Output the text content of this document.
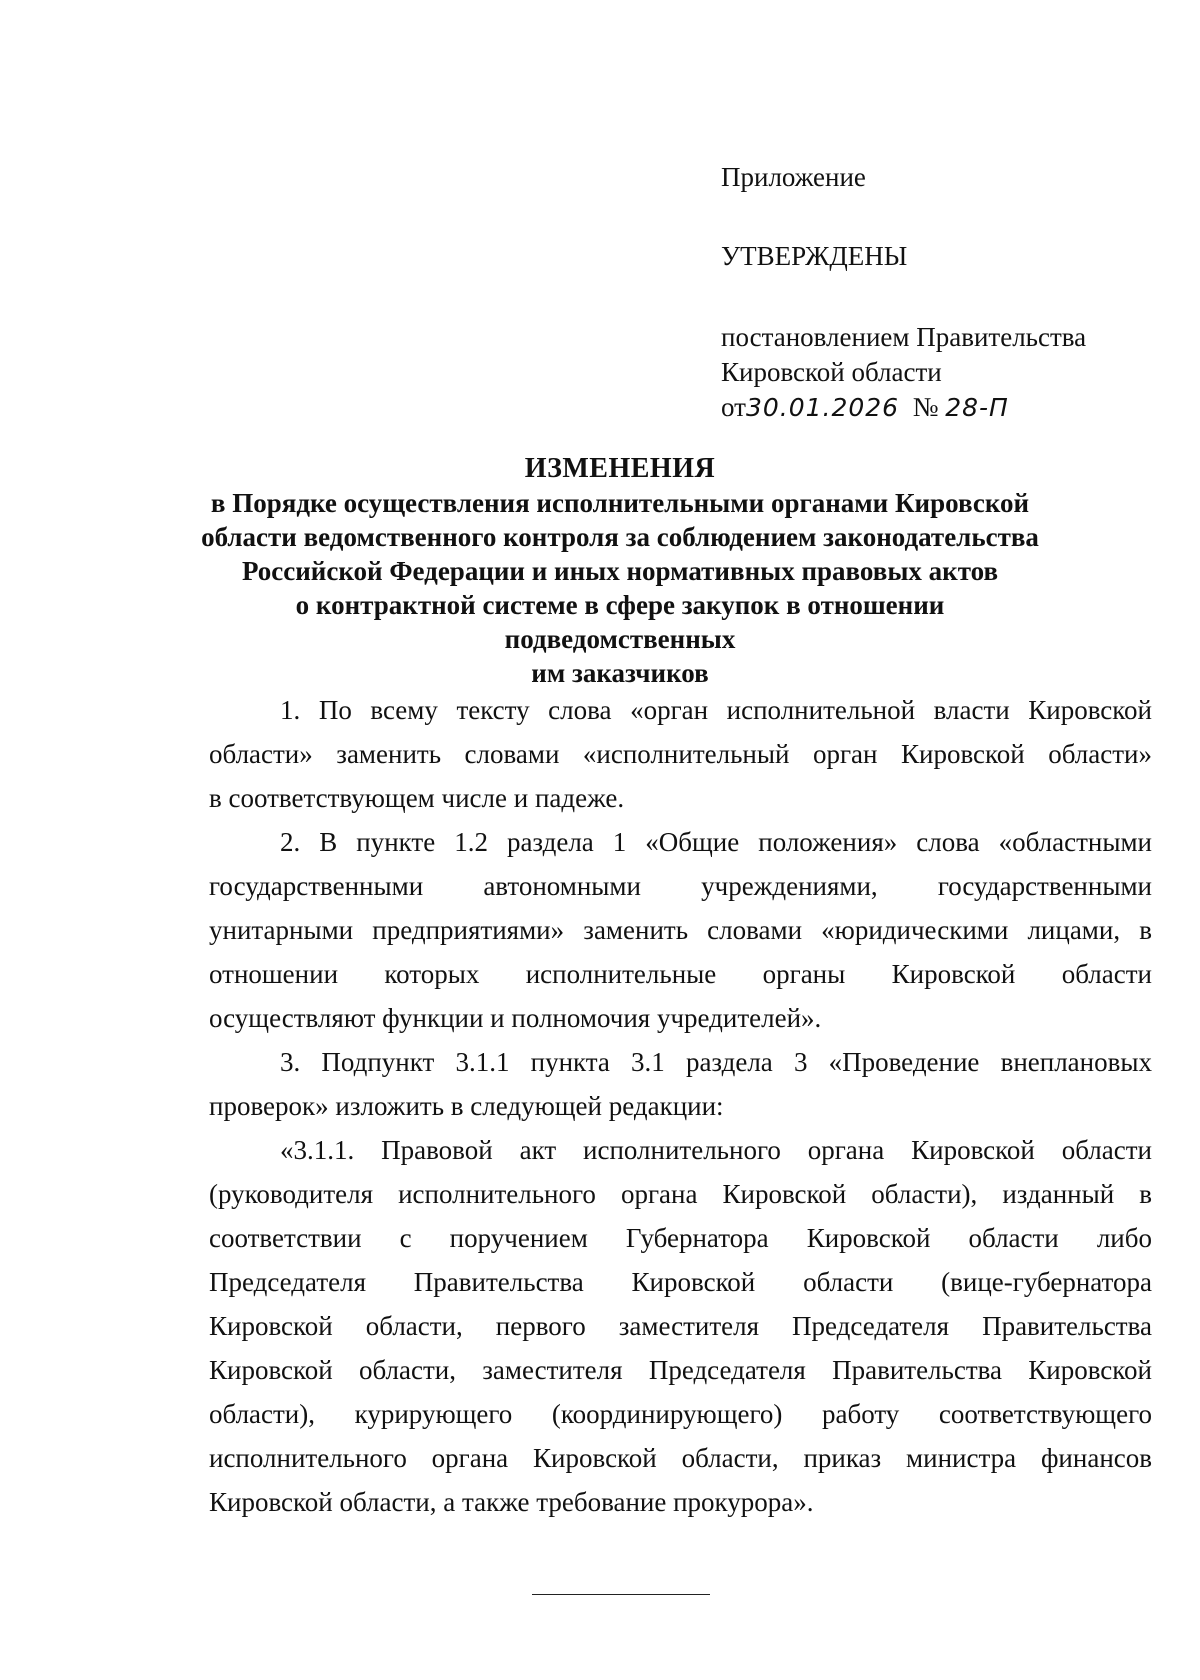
Приложение
УТВЕРЖДЕНЫ
постановлением Правительства
Кировской области
от30.01.2026 № 28-П
ИЗМЕНЕНИЯ
в Порядке осуществления исполнительными органами Кировской
области ведомственного контроля за соблюдением законодательства
Российской Федерации и иных нормативных правовых актов
о контрактной системе в сфере закупок в отношении подведомственных
им заказчиков

1. По всему тексту слова «орган исполнительной власти Кировской
области» заменить словами «исполнительный орган Кировской области»
в соответствующем числе и падеже.

2. В пункте 1.2 раздела 1 «Общие положения» слова «областными
государственными автономными учреждениями, государственными
унитарными предприятиями» заменить словами «юридическими лицами, в
отношении которых исполнительные органы Кировской области
осуществляют функции и полномочия учредителей».

3. Подпункт 3.1.1 пункта 3.1 раздела 3 «Проведение внеплановых
проверок» изложить в следующей редакции:

«3.1.1. Правовой акт исполнительного органа Кировской области
(руководителя исполнительного органа Кировской области), изданный в
соответствии с поручением Губернатора Кировской области либо
Председателя Правительства Кировской области (вице-губернатора
Кировской области, первого заместителя Председателя Правительства
Кировской области, заместителя Председателя Правительства Кировской
области), курирующего (координирующего) работу соответствующего
исполнительного органа Кировской области, приказ министра финансов
Кировской области, а также требование прокурора».
